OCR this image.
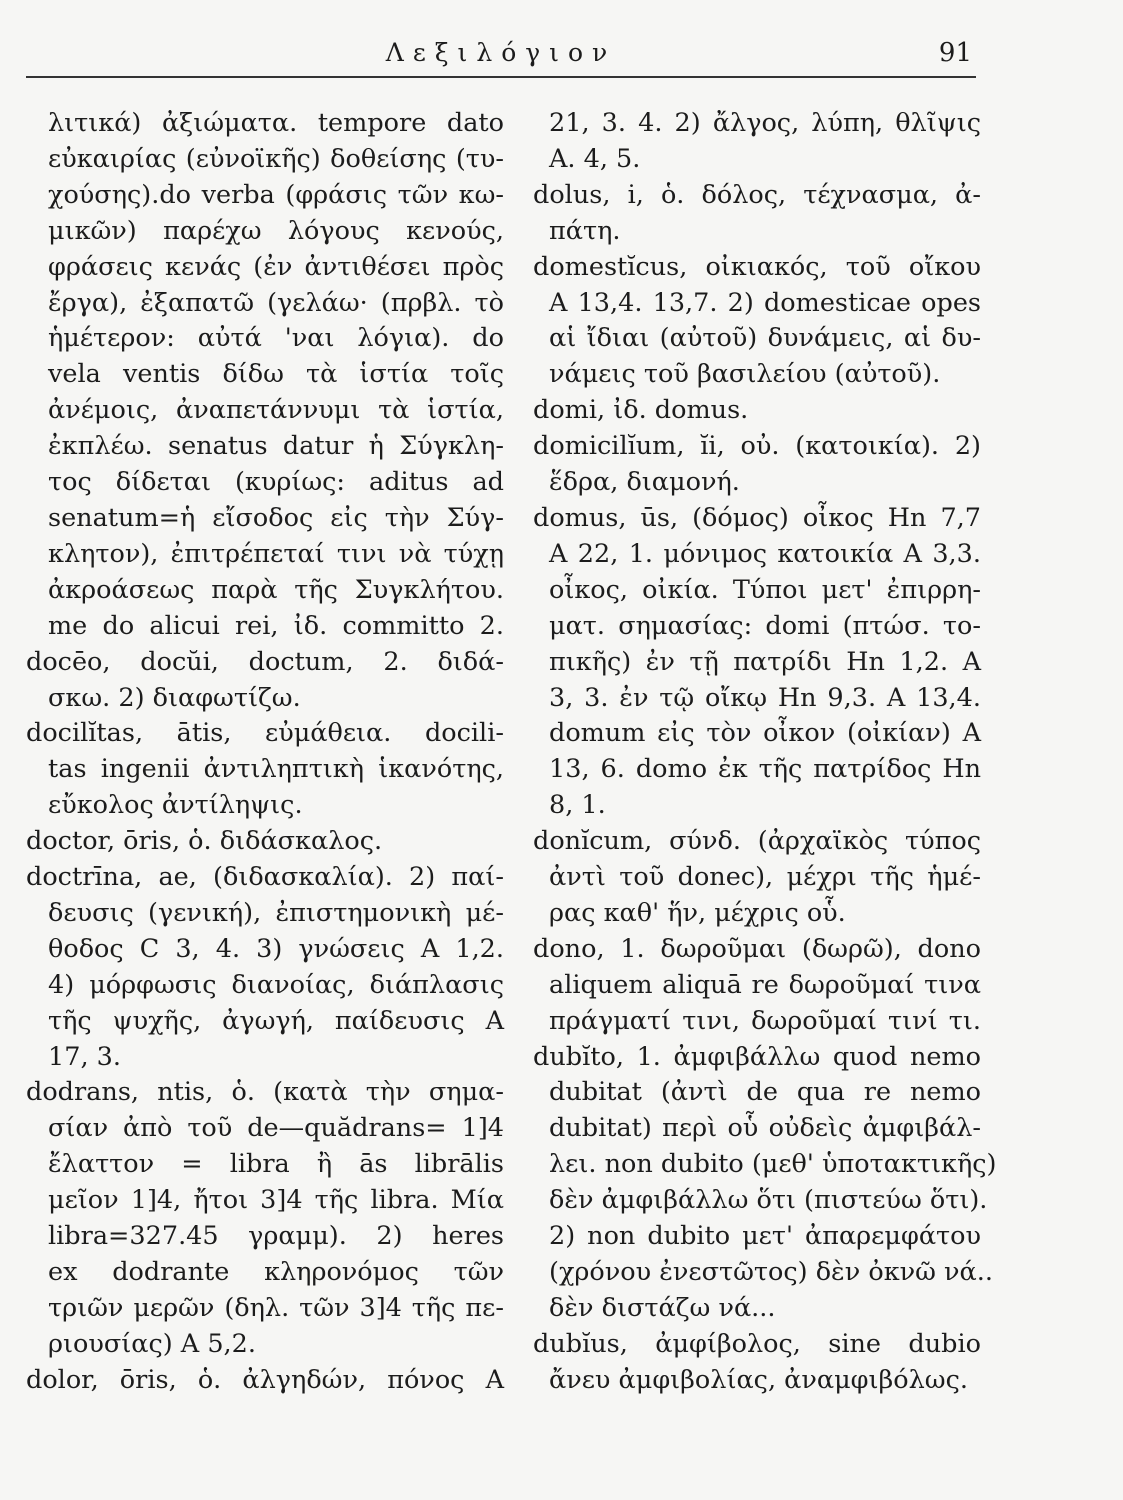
Λεξιλόγιον	91
λιτικά) ἀξιώματα. tempore dato
εὐκαιρίας (εὐνοϊκῆς) δοθείσης (τυ-
χούσης).do verba (φράσις τῶν κω-
μικῶν) παρέχω λόγους κενούς,
φράσεις κενάς (ἐν ἀντιθέσει πρὸς
ἔργα), ἐξαπατῶ (γελάω· (πρβλ. τὸ
ἡμέτερον: αὐτά 'ναι λόγια). do
vela ventis δίδω τὰ ἱστία τοῖς
ἀνέμοις, ἀναπετάννυμι τὰ ἱστία,
ἐκπλέω. senatus datur ἡ Σύγκλη-
τος δίδεται (κυρίως: aditus ad
senatum=ἡ εἴσοδος εἰς τὴν Σύγ-
κλητον), ἐπιτρέπεταί τινι νὰ τύχῃ
ἀκροάσεως παρὰ τῆς Συγκλήτου.
me do alicui rei, ἰδ. committo 2.
docēo, docŭi, doctum, 2. διδά-
σκω. 2) διαφωτίζω.
docilĭtas, ātis, εὐμάθεια. docili-
tas ingenii ἀντιληπτικὴ ἱκανότης,
εὔκολος ἀντίληψις.
doctor, ōris, ὁ. διδάσκαλος.
doctrīna, ae, (διδασκαλία). 2) παί-
δευσις (γενική), ἐπιστημονικὴ μέ-
θοδος C 3, 4. 3) γνώσεις A 1,2.
4) μόρφωσις διανοίας, διάπλασις
τῆς ψυχῆς, ἀγωγή, παίδευσις A
17, 3.
dodrans, ntis, ὁ. (κατὰ τὴν σημα-
σίαν ἀπὸ τοῦ de—quădrans= 1]4
ἔλαττον = libra ἢ ās librālis
μεῖον 1]4, ἤτοι 3]4 τῆς libra. Μία
libra=327.45 γραμμ). 2) heres
ex dodrante κληρονόμος τῶν
τριῶν μερῶν (δηλ. τῶν 3]4 τῆς πε-
ριουσίας) A 5,2.
dolor, ōris, ὁ. ἀλγηδών, πόνος A
21, 3. 4. 2) ἄλγος, λύπη, θλῖψις
A. 4, 5.
dolus, i, ὁ. δόλος, τέχνασμα, ἀ-
πάτη.
domestĭcus, οἰκιακός, τοῦ οἴκου
A 13,4. 13,7. 2) domesticae opes
αἱ ἴδιαι (αὐτοῦ) δυνάμεις, αἱ δυ-
νάμεις τοῦ βασιλείου (αὐτοῦ).
domi, ἰδ. domus.
domicilĭum, ĭi, οὐ. (κατοικία). 2)
ἕδρα, διαμονή.
domus, ūs, (δόμος) οἶκος Hn 7,7
A 22, 1. μόνιμος κατοικία A 3,3.
οἶκος, οἰκία. Τύποι μετ' ἐπιρρη-
ματ. σημασίας: domi (πτώσ. το-
πικῆς) ἐν τῇ πατρίδι Hn 1,2. A
3, 3. ἐν τῷ οἴκῳ Hn 9,3. A 13,4.
domum εἰς τὸν οἶκον (οἰκίαν) A
13, 6. domo ἐκ τῆς πατρίδος Hn
8, 1.
donĭcum, σύνδ. (ἀρχαϊκὸς τύπος
ἀντὶ τοῦ donec), μέχρι τῆς ἡμέ-
ρας καθ' ἥν, μέχρις οὗ.
dono, 1. δωροῦμαι (δωρῶ), dono
aliquem aliquā re δωροῦμαί τινα
πράγματί τινι, δωροῦμαί τινί τι.
dubĭto, 1. ἀμφιβάλλω quod nemo
dubitat (ἀντὶ de qua re nemo
dubitat) περὶ οὗ οὐδεὶς ἀμφιβάλ-
λει. non dubito (μεθ' ὑποτακτικῆς)
δὲν ἀμφιβάλλω ὅτι (πιστεύω ὅτι).
2) non dubito μετ' ἀπαρεμφάτου
(χρόνου ἐνεστῶτος) δὲν ὀκνῶ νά..
δὲν διστάζω νά...
dubĭus, ἀμφίβολος, sine dubio
ἄνευ ἀμφιβολίας, ἀναμφιβόλως.
